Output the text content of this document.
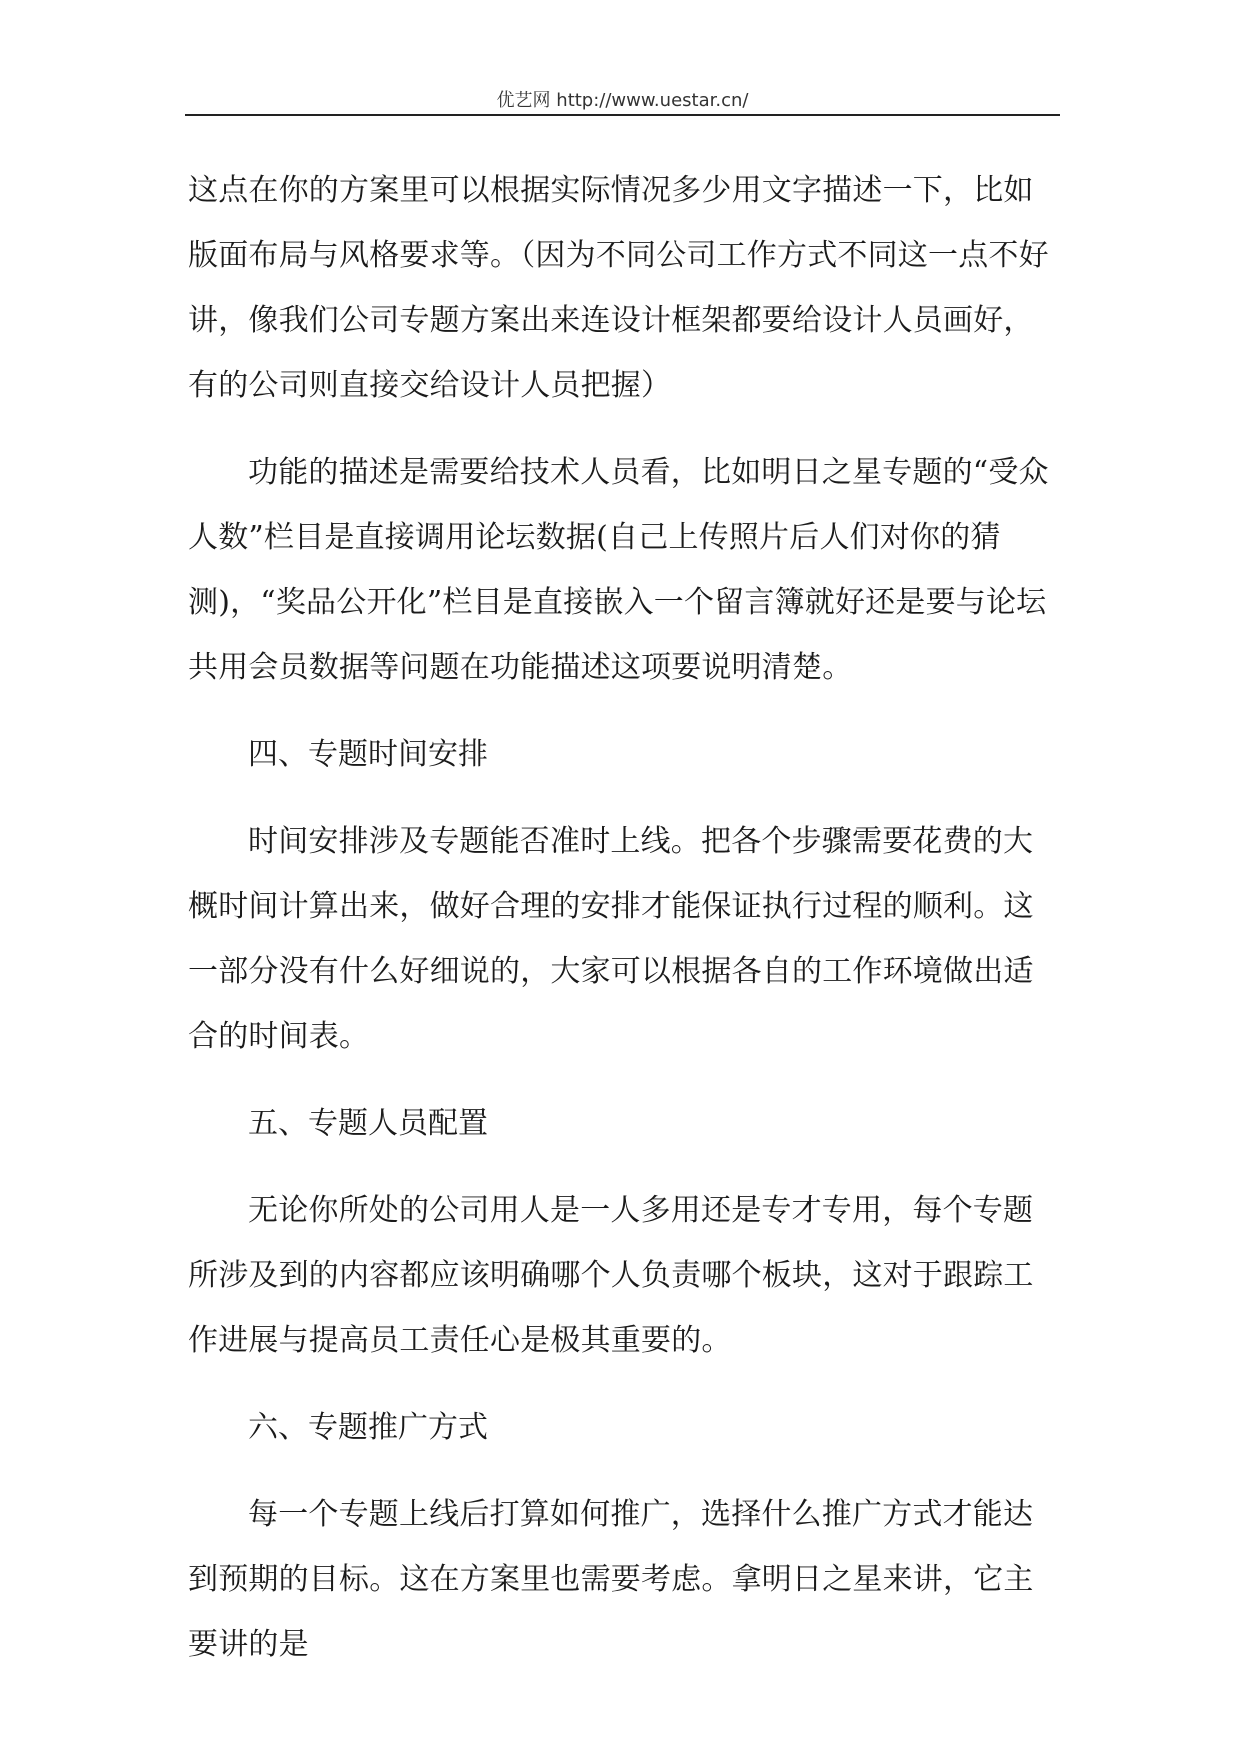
优艺网 http://www.uestar.cn/

这点在你的方案里可以根据实际情况多少用文字描述一下，比如版面布局与风格要求等。（因为不同公司工作方式不同这一点不好讲，像我们公司专题方案出来连设计框架都要给设计人员画好，有的公司则直接交给设计人员把握）

功能的描述是需要给技术人员看，比如明日之星专题的“受众人数”栏目是直接调用论坛数据(自己上传照片后人们对你的猜测)，“奖品公开化”栏目是直接嵌入一个留言簿就好还是要与论坛共用会员数据等问题在功能描述这项要说明清楚。

四、专题时间安排

时间安排涉及专题能否准时上线。把各个步骤需要花费的大概时间计算出来，做好合理的安排才能保证执行过程的顺利。这一部分没有什么好细说的，大家可以根据各自的工作环境做出适合的时间表。

五、专题人员配置

无论你所处的公司用人是一人多用还是专才专用，每个专题所涉及到的内容都应该明确哪个人负责哪个板块，这对于跟踪工作进展与提高员工责任心是极其重要的。

六、专题推广方式

每一个专题上线后打算如何推广，选择什么推广方式才能达到预期的目标。这在方案里也需要考虑。拿明日之星来讲，它主要讲的是
